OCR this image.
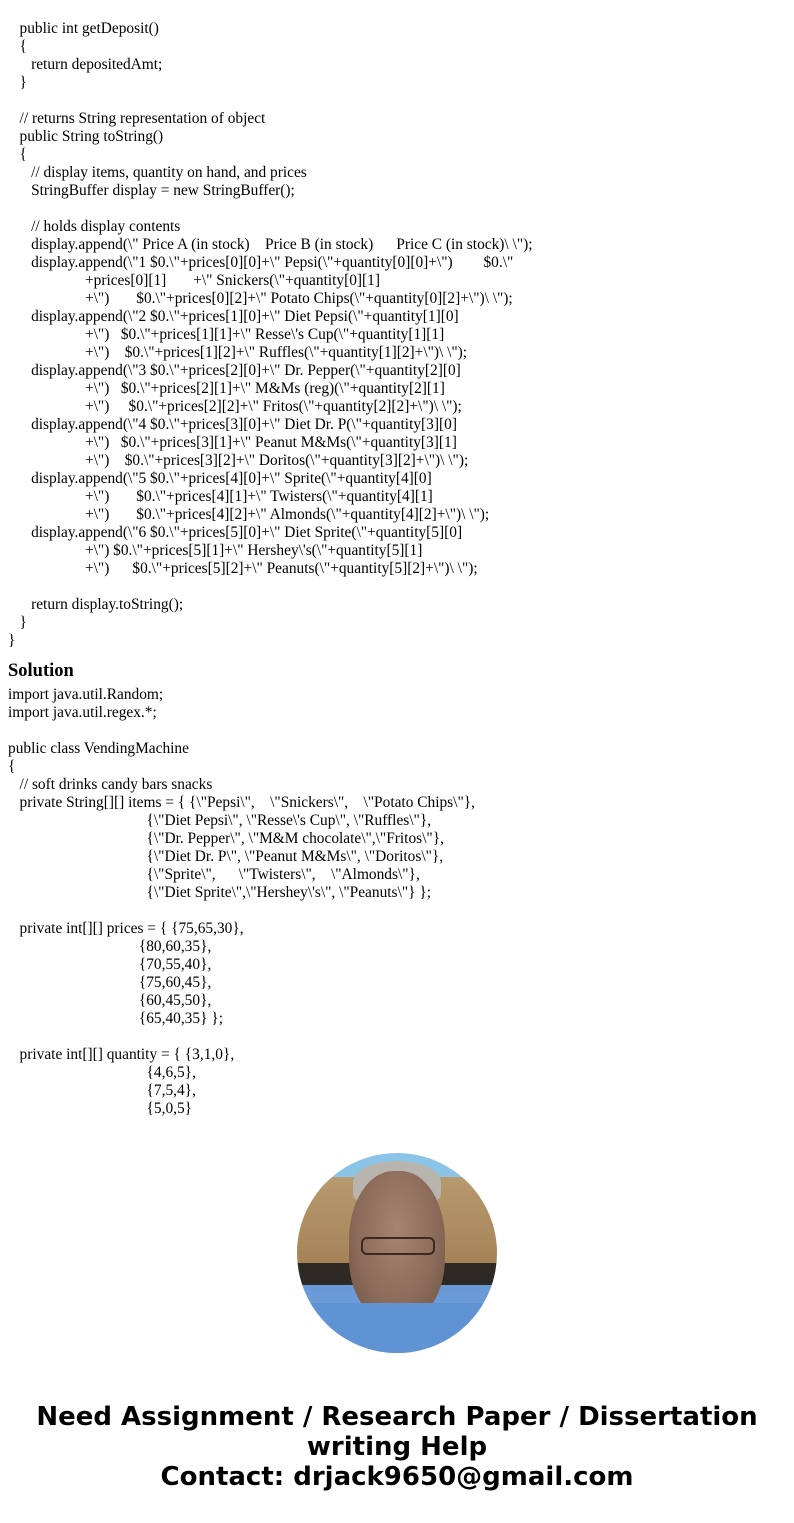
public int getDeposit()
{
return depositedAmt;
}
// returns String representation of object
public String toString()
{
// display items, quantity on hand, and prices
StringBuffer display = new StringBuffer();
// holds display contents
display.append(\" Price A (in stock)    Price B (in stock)      Price C (in stock)\ \");
display.append(\"1 $0.\"+prices[0][0]+\" Pepsi(\"+quantity[0][0]+\")        $0.\"
+prices[0][1]       +\" Snickers(\"+quantity[0][1]
+\")       $0.\"+prices[0][2]+\" Potato Chips(\"+quantity[0][2]+\")\ \");
display.append(\"2 $0.\"+prices[1][0]+\" Diet Pepsi(\"+quantity[1][0]
+\")   $0.\"+prices[1][1]+\" Resse\'s Cup(\"+quantity[1][1]
+\")    $0.\"+prices[1][2]+\" Ruffles(\"+quantity[1][2]+\")\ \");
display.append(\"3 $0.\"+prices[2][0]+\" Dr. Pepper(\"+quantity[2][0]
+\")   $0.\"+prices[2][1]+\" M&Ms (reg)(\"+quantity[2][1]
+\")     $0.\"+prices[2][2]+\" Fritos(\"+quantity[2][2]+\")\ \");
display.append(\"4 $0.\"+prices[3][0]+\" Diet Dr. P(\"+quantity[3][0]
+\")   $0.\"+prices[3][1]+\" Peanut M&Ms(\"+quantity[3][1]
+\")    $0.\"+prices[3][2]+\" Doritos(\"+quantity[3][2]+\")\ \");
display.append(\"5 $0.\"+prices[4][0]+\" Sprite(\"+quantity[4][0]
+\")       $0.\"+prices[4][1]+\" Twisters(\"+quantity[4][1]
+\")       $0.\"+prices[4][2]+\" Almonds(\"+quantity[4][2]+\")\ \");
display.append(\"6 $0.\"+prices[5][0]+\" Diet Sprite(\"+quantity[5][0]
+\") $0.\"+prices[5][1]+\" Hershey\'s(\"+quantity[5][1]
+\")      $0.\"+prices[5][2]+\" Peanuts(\"+quantity[5][2]+\")\ \");
return display.toString();
}
}
Solution
import java.util.Random;
import java.util.regex.*;
public class VendingMachine
{
// soft drinks candy bars snacks
private String[][] items = { {\"Pepsi\",    \"Snickers\",    \"Potato Chips\"},
{\"Diet Pepsi\", \"Resse\'s Cup\", \"Ruffles\"},
{\"Dr. Pepper\", \"M&M chocolate\",\"Fritos\"},
{\"Diet Dr. P\", \"Peanut M&Ms\", \"Doritos\"},
{\"Sprite\",      \"Twisters\",    \"Almonds\"},
{\"Diet Sprite\",\"Hershey\'s\", \"Peanuts\"} };
private int[][] prices = { {75,65,30},
{80,60,35},
{70,55,40},
{75,60,45},
{60,45,50},
{65,40,35} };
private int[][] quantity = { {3,1,0},
{4,6,5},
{7,5,4},
{5,0,5}
Need Assignment / Research Paper / Dissertation
writing Help
Contact: drjack9650@gmail.com
